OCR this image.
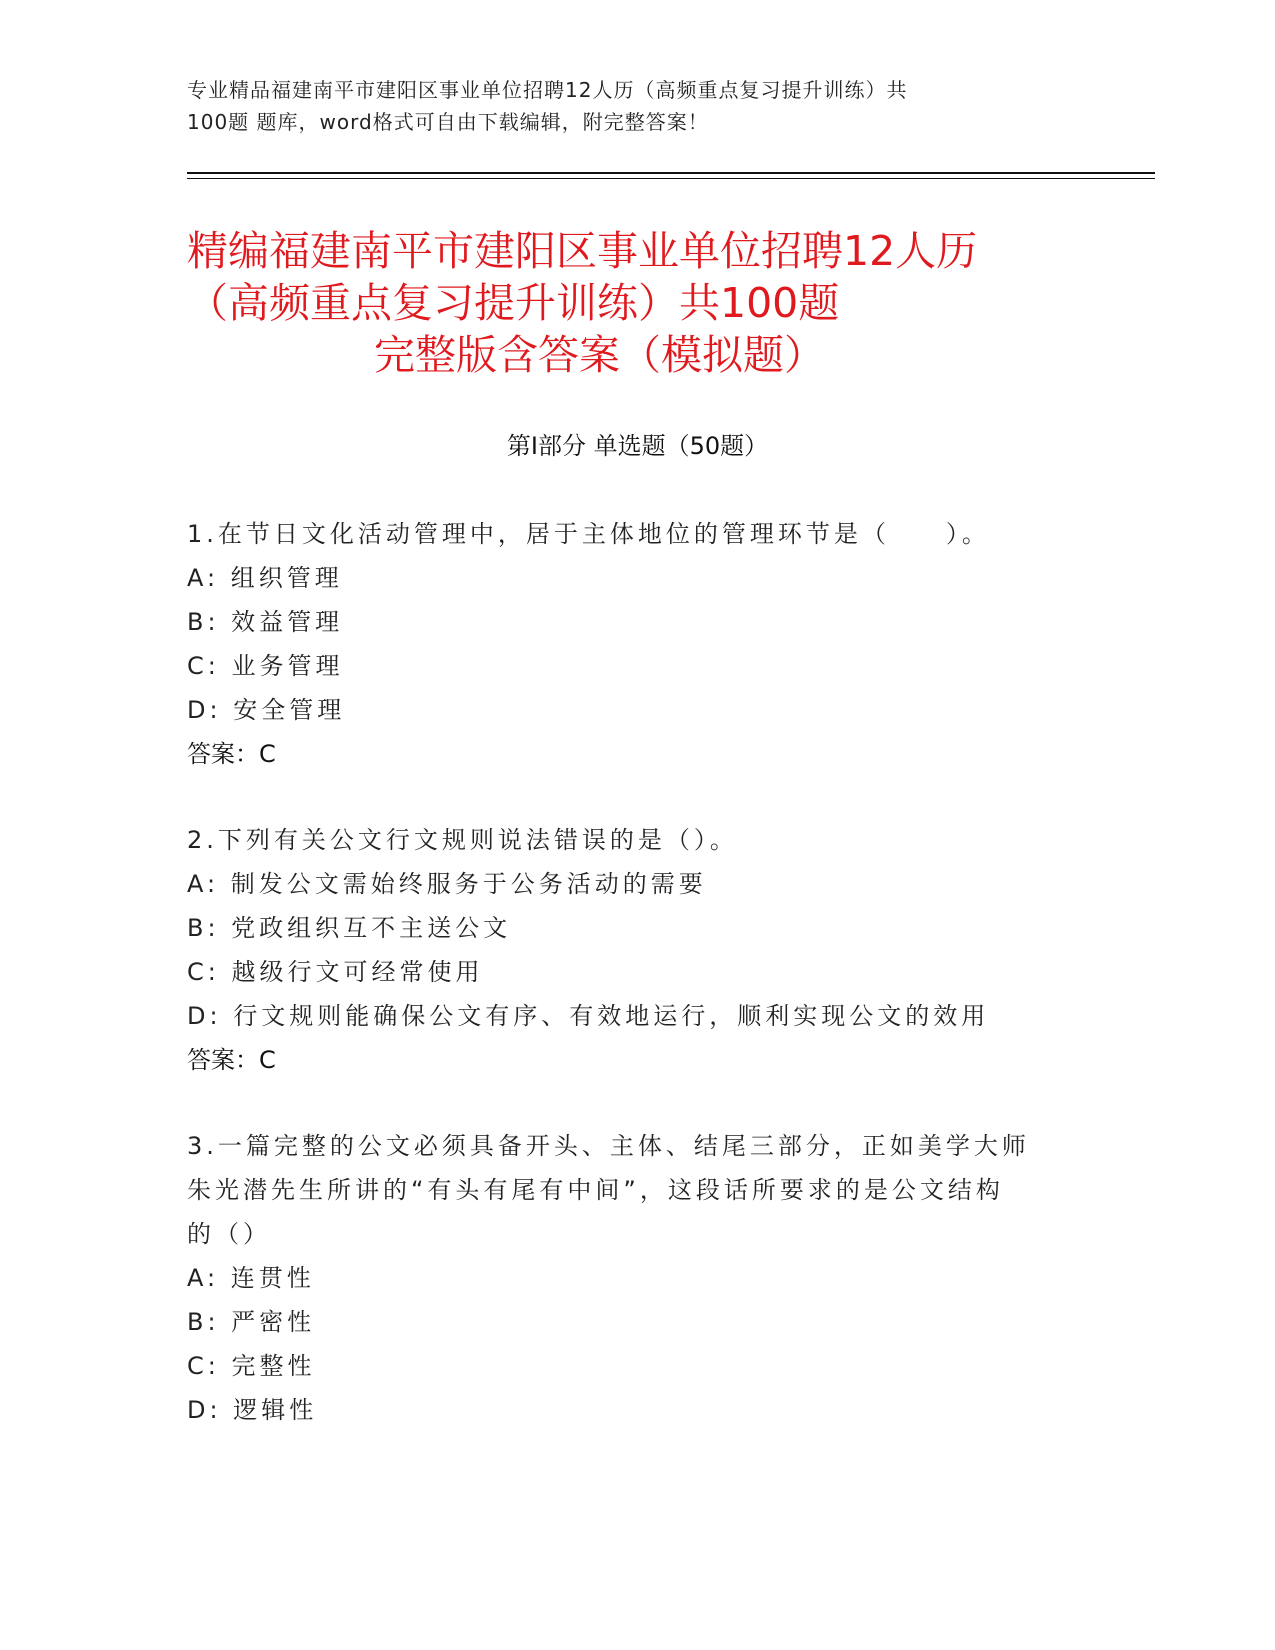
专业精品福建南平市建阳区事业单位招聘12人历（高频重点复习提升训练）共
100题 题库，word格式可自由下载编辑，附完整答案！
精编福建南平市建阳区事业单位招聘12人历
（高频重点复习提升训练）共100题
完整版含答案（模拟题）
第Ⅰ部分 单选题（50题）
1.在节日文化活动管理中，居于主体地位的管理环节是（　　）。
A: 组织管理
B: 效益管理
C: 业务管理
D: 安全管理
答案：C
2.下列有关公文行文规则说法错误的是（）。
A: 制发公文需始终服务于公务活动的需要
B: 党政组织互不主送公文
C: 越级行文可经常使用
D: 行文规则能确保公文有序、有效地运行，顺利实现公文的效用
答案：C
3.一篇完整的公文必须具备开头、主体、结尾三部分，正如美学大师
朱光潜先生所讲的“有头有尾有中间”，这段话所要求的是公文结构
的（）
A: 连贯性
B: 严密性
C: 完整性
D: 逻辑性
